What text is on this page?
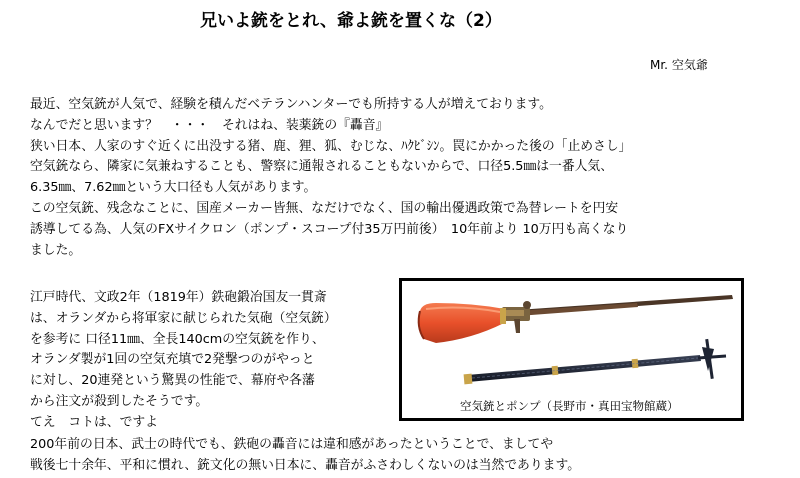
兄いよ銃をとれ、爺よ銃を置くな（2）
Mr. 空気爺
最近、空気銃が人気で、経験を積んだベテランハンターでも所持する人が増えております。
なんでだと思います？　・・・　それはね、装薬銃の『轟音』
狭い日本、人家のすぐ近くに出没する猪、鹿、狸、狐、むじな、ﾊｸﾋﾞｼﾝ。罠にかかった後の「止めさし」
空気銃なら、隣家に気兼ねすることも、警察に通報されることもないからで、口径5.5㎜は一番人気、
6.35㎜、7.62㎜という大口径も人気があります。
この空気銃、残念なことに、国産メーカー皆無、なだけでなく、国の輸出優遇政策で為替レートを円安
誘導してる為、人気のFXサイクロン（ポンプ・スコープ付35万円前後）　10年前より 10万円も高くなり
ました。
江戸時代、文政2年（1819年）鉄砲鍛冶国友一貫斎
は、オランダから将軍家に献じられた気砲（空気銃）
を参考に 口径11㎜、全長140cmの空気銃を作り、
オランダ製が1回の空気充填で2発撃つのがやっと
に対し、20連発という驚異の性能で、幕府や各藩
から注文が殺到したそうです。
てえ　コトは、ですよ
200年前の日本、武士の時代でも、鉄砲の轟音には違和感があったということで、ましてや
戦後七十余年、平和に慣れ、銃文化の無い日本に、轟音がふさわしくないのは当然であります。
空気銃とポンプ（長野市・真田宝物館蔵）
